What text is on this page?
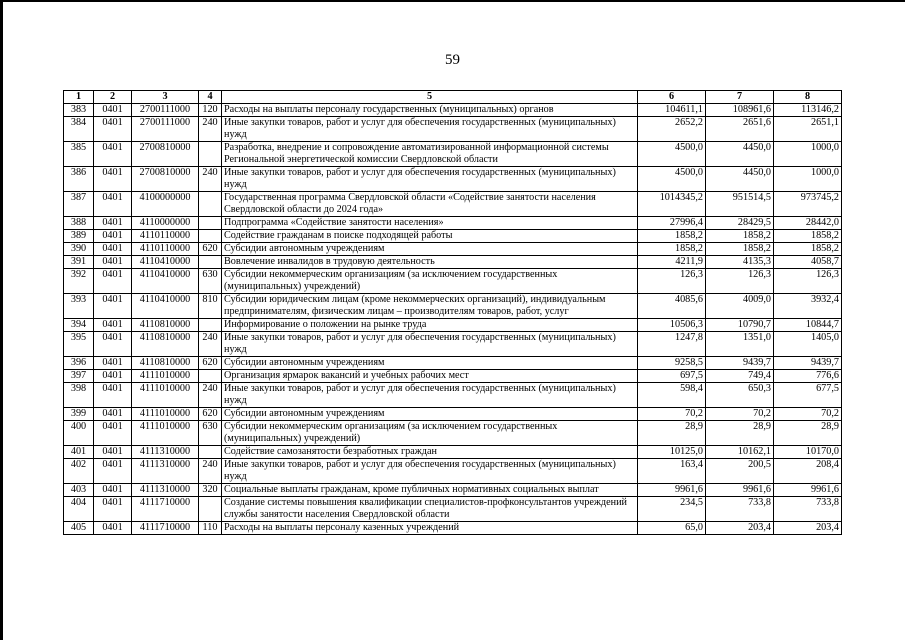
59
1	2	3	4	5	6	7	8
383	0401	2700111000	120	Расходы на выплаты персоналу государственных (муниципальных) органов	104611,1	108961,6	113146,2
384	0401	2700111000	240	Иные закупки товаров, работ и услуг для обеспечения государственных (муниципальных) нужд	2652,2	2651,6	2651,1
385	0401	2700810000		Разработка, внедрение и сопровождение автоматизированной информационной системы Региональной энергетической комиссии Свердловской области	4500,0	4450,0	1000,0
386	0401	2700810000	240	Иные закупки товаров, работ и услуг для обеспечения государственных (муниципальных) нужд	4500,0	4450,0	1000,0
387	0401	4100000000		Государственная программа Свердловской области «Содействие занятости населения Свердловской области до 2024 года»	1014345,2	951514,5	973745,2
388	0401	4110000000		Подпрограмма «Содействие занятости населения»	27996,4	28429,5	28442,0
389	0401	4110110000		Содействие гражданам в поиске подходящей работы	1858,2	1858,2	1858,2
390	0401	4110110000	620	Субсидии автономным учреждениям	1858,2	1858,2	1858,2
391	0401	4110410000		Вовлечение инвалидов в трудовую деятельность	4211,9	4135,3	4058,7
392	0401	4110410000	630	Субсидии некоммерческим организациям (за исключением государственных (муниципальных) учреждений)	126,3	126,3	126,3
393	0401	4110410000	810	Субсидии юридическим лицам (кроме некоммерческих организаций), индивидуальным предпринимателям, физическим лицам – производителям товаров, работ, услуг	4085,6	4009,0	3932,4
394	0401	4110810000		Информирование о положении на рынке труда	10506,3	10790,7	10844,7
395	0401	4110810000	240	Иные закупки товаров, работ и услуг для обеспечения государственных (муниципальных) нужд	1247,8	1351,0	1405,0
396	0401	4110810000	620	Субсидии автономным учреждениям	9258,5	9439,7	9439,7
397	0401	4111010000		Организация ярмарок вакансий и учебных рабочих мест	697,5	749,4	776,6
398	0401	4111010000	240	Иные закупки товаров, работ и услуг для обеспечения государственных (муниципальных) нужд	598,4	650,3	677,5
399	0401	4111010000	620	Субсидии автономным учреждениям	70,2	70,2	70,2
400	0401	4111010000	630	Субсидии некоммерческим организациям (за исключением государственных (муниципальных) учреждений)	28,9	28,9	28,9
401	0401	4111310000		Содействие самозанятости безработных граждан	10125,0	10162,1	10170,0
402	0401	4111310000	240	Иные закупки товаров, работ и услуг для обеспечения государственных (муниципальных) нужд	163,4	200,5	208,4
403	0401	4111310000	320	Социальные выплаты гражданам, кроме публичных нормативных социальных выплат	9961,6	9961,6	9961,6
404	0401	4111710000		Создание системы повышения квалификации специалистов-профконсультантов учреждений службы занятости населения Свердловской области	234,5	733,8	733,8
405	0401	4111710000	110	Расходы на выплаты персоналу казенных учреждений	65,0	203,4	203,4
